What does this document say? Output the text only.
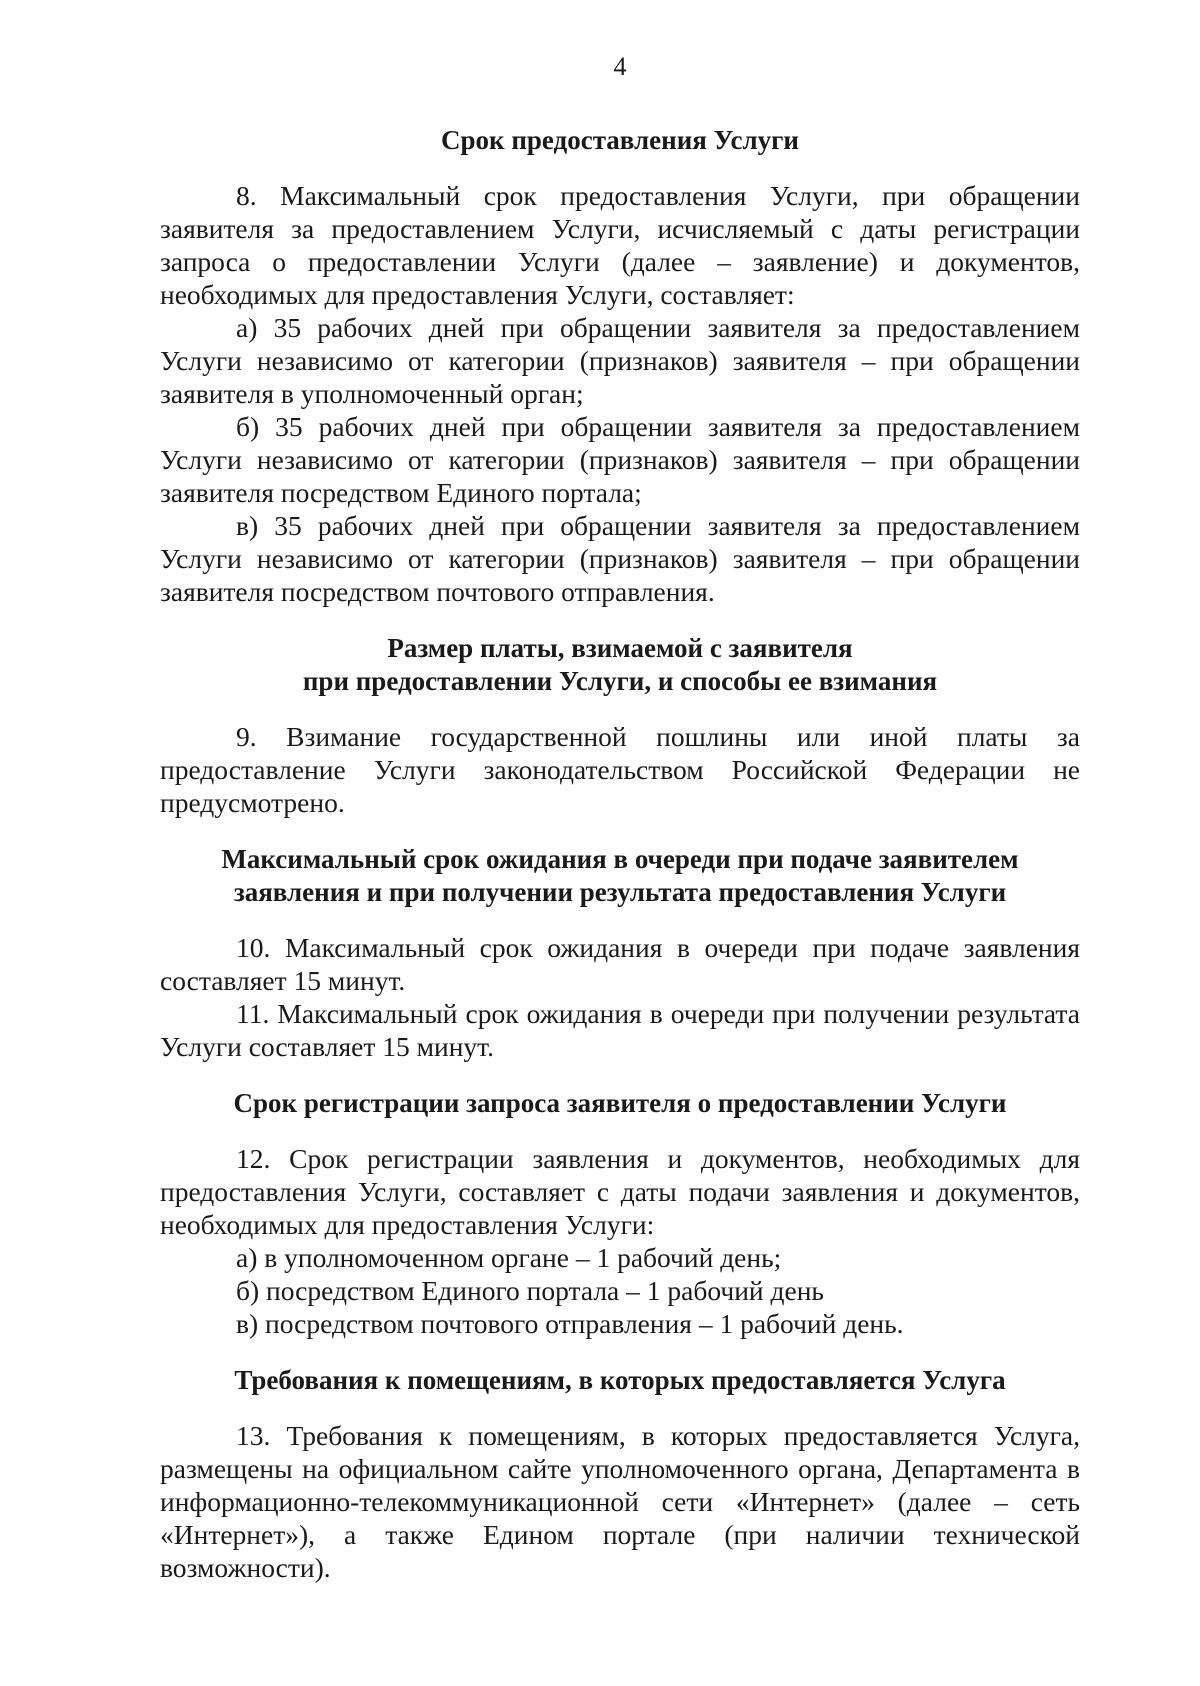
4
Срок предоставления Услуги

8. Максимальный срок предоставления Услуги, при обращении заявителя за предоставлением Услуги, исчисляемый с даты регистрации запроса о предоставлении Услуги (далее – заявление) и документов, необходимых для предоставления Услуги, составляет:

а) 35 рабочих дней при обращении заявителя за предоставлением Услуги независимо от категории (признаков) заявителя – при обращении заявителя в уполномоченный орган;

б) 35 рабочих дней при обращении заявителя за предоставлением Услуги независимо от категории (признаков) заявителя – при обращении заявителя посредством Единого портала;

в) 35 рабочих дней при обращении заявителя за предоставлением Услуги независимо от категории (признаков) заявителя – при обращении заявителя посредством почтового отправления.

Размер платы, взимаемой с заявителя
при предоставлении Услуги, и способы ее взимания

9. Взимание государственной пошлины или иной платы за предоставление Услуги законодательством Российской Федерации не предусмотрено.

Максимальный срок ожидания в очереди при подаче заявителем
заявления и при получении результата предоставления Услуги

10. Максимальный срок ожидания в очереди при подаче заявления составляет 15 минут.

11. Максимальный срок ожидания в очереди при получении результата Услуги составляет 15 минут.

Срок регистрации запроса заявителя о предоставлении Услуги

12. Срок регистрации заявления и документов, необходимых для предоставления Услуги, составляет с даты подачи заявления и документов, необходимых для предоставления Услуги:

а) в уполномоченном органе – 1 рабочий день;

б) посредством Единого портала – 1 рабочий день

в) посредством почтового отправления – 1 рабочий день.

Требования к помещениям, в которых предоставляется Услуга

13. Требования к помещениям, в которых предоставляется Услуга, размещены на официальном сайте уполномоченного органа, Департамента в информационно-телекоммуникационной сети «Интернет» (далее – сеть «Интернет»), а также Едином портале (при наличии технической возможности).
